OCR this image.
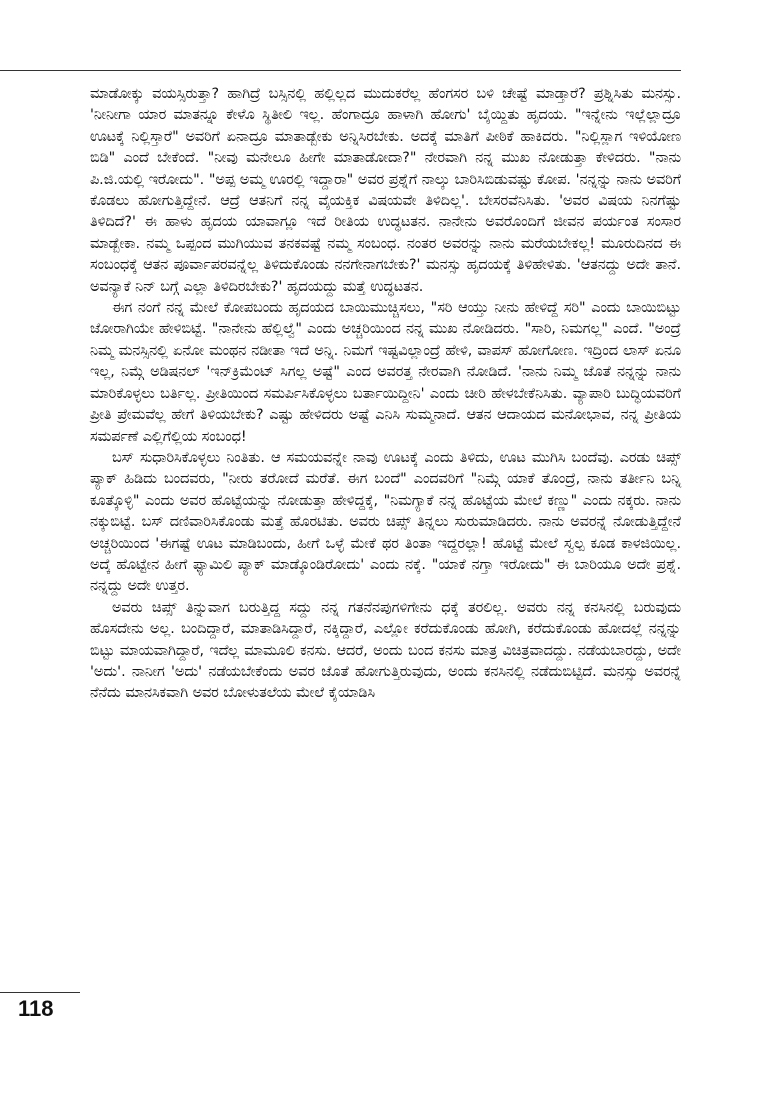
ಮಾಡೋಕ್ಕು ವಯಸ್ಸಿರುತ್ತಾ? ಹಾಗಿದ್ರೆ ಬಸ್ಸಿನಲ್ಲಿ ಹಲ್ಲಿಲ್ಲದ ಮುದುಕರೆಲ್ಲ ಹೆಂಗಸರ ಬಳಿ ಚೇಷ್ಟೆ ಮಾಡ್ತಾರೆ? ಪ್ರಶ್ನಿಸಿತು ಮನಸ್ಸು. 'ನೀನೀಗಾ ಯಾರ ಮಾತನ್ನೂ ಕೇಳೊ ಸ್ಥಿತೀಲಿ ಇಲ್ಲ. ಹೆಂಗಾದ್ರೂ ಹಾಳಾಗಿ ಹೋಗು' ಬೈಯ್ದಿತು ಹೃದಯ. "ಇನ್ನೇನು ಇಲ್ಲೆಲ್ಲಾದ್ರೂ ಊಟಕ್ಕೆ ನಿಲ್ಲಿಸ್ತಾರೆ" ಅವರಿಗೆ ಏನಾದ್ರೂ ಮಾತಾಡ್ಬೇಕು ಅನ್ನಿಸಿರಬೇಕು. ಅದಕ್ಕೆ ಮಾತಿಗೆ ಪೀಠಿಕೆ ಹಾಕಿದರು. "ನಿಲ್ಲಿಸ್ಲಾಗ ಇಳಿಯೋಣ ಬಿಡಿ" ಎಂದೆ ಬೇಕೆಂದೆ. "ನೀವು ಮನೇಲೂ ಹೀಗೇ ಮಾತಾಡೋದಾ?" ನೇರವಾಗಿ ನನ್ನ ಮುಖ ನೋಡುತ್ತಾ ಕೇಳಿದರು. "ನಾನು ಪಿ.ಜಿ.ಯಲ್ಲಿ ಇರೋದು". "ಅಪ್ಪ ಅಮ್ಮ ಊರಲ್ಲಿ ಇದ್ದಾರಾ" ಅವರ ಪ್ರಶ್ನೆಗೆ ನಾಲ್ಕು ಬಾರಿಸಿಬಿಡುವಷ್ಟು ಕೋಪ. 'ನನ್ನನ್ನು ನಾನು ಅವರಿಗೆ ಕೊಡಲು ಹೋಗುತ್ತಿದ್ದೇನೆ. ಆದ್ರೆ ಆತನಿಗೆ ನನ್ನ ವೈಯಕ್ತಿಕ ವಿಷಯವೇ ತಿಳಿದಿಲ್ಲ'. ಬೇಸರವೆನಿಸಿತು. 'ಅವರ ವಿಷಯ ನಿನಗೆಷ್ಟು ತಿಳಿದಿದೆ?' ಈ ಹಾಳು ಹೃದಯ ಯಾವಾಗ್ಲೂ ಇದೆ ರೀತಿಯ ಉದ್ಧಟತನ. ನಾನೇನು ಅವರೊಂದಿಗೆ ಜೀವನ ಪರ್ಯಂತ ಸಂಸಾರ ಮಾಡ್ಬೇಕಾ. ನಮ್ಮ ಒಪ್ಪಂದ ಮುಗಿಯುವ ತನಕವಷ್ಟೆ ನಮ್ಮ ಸಂಬಂಧ. ನಂತರ ಅವರನ್ನು ನಾನು ಮರೆಯಬೇಕಲ್ಲ! ಮೂರುದಿನದ ಈ ಸಂಬಂಧಕ್ಕೆ ಆತನ ಪೂರ್ವಾಪರವನ್ನೆಲ್ಲ ತಿಳಿದುಕೊಂಡು ನನಗೇನಾಗಬೇಕು?' ಮನಸ್ಸು ಹೃದಯಕ್ಕೆ ತಿಳಿಹೇಳಿತು. 'ಆತನದ್ದು ಅದೇ ತಾನೆ. ಅವನ್ಯಾಕೆ ನಿನ್ ಬಗ್ಗೆ ಎಲ್ಲಾ ತಿಳಿದಿರಬೇಕು?' ಹೃದಯದ್ದು ಮತ್ತೆ ಉದ್ಧಟತನ.

ಈಗ ನಂಗೆ ನನ್ನ ಮೇಲೆ ಕೋಪಬಂದು ಹೃದಯದ ಬಾಯಿಮುಚ್ಚಿಸಲು, "ಸರಿ ಆಯ್ತು ನೀನು ಹೇಳಿದ್ದೆ ಸರಿ" ಎಂದು ಬಾಯಿಬಿಟ್ಟು ಜೋರಾಗಿಯೇ ಹೇಳಿಬಿಟ್ಟೆ. "ನಾನೇನು ಹೆಲ್ಲಿಲ್ವೆ" ಎಂದು ಅಚ್ಚರಿಯಿಂದ ನನ್ನ ಮುಖ ನೋಡಿದರು. "ಸಾರಿ, ನಿಮಗಲ್ಲ" ಎಂದೆ. "ಅಂದ್ರೆ ನಿಮ್ಮ ಮನಸ್ಸಿನಲ್ಲಿ ಏನೋ ಮಂಥನ ನಡೀತಾ ಇದೆ ಅನ್ನಿ. ನಿಮಗೆ ಇಷ್ಟವಿಲ್ಲಾಂದ್ರೆ ಹೇಳಿ, ವಾಪಸ್ ಹೋಗೋಣ. ಇದ್ರಿಂದ ಲಾಸ್ ಏನೂ ಇಲ್ಲ, ನಿಮ್ಗೆ ಅಡಿಷನಲ್ 'ಇನ್‌ಕ್ರಿಮೆಂಟ್ ಸಿಗಲ್ಲ ಅಷ್ಟೆ" ಎಂದ ಅವರತ್ತ ನೇರವಾಗಿ ನೋಡಿದೆ. 'ನಾನು ನಿಮ್ಮ ಜೊತೆ ನನ್ನನ್ನು ನಾನು ಮಾರಿಕೊಳ್ಳಲು ಬರ್ತಿಲ್ಲ. ಪ್ರೀತಿಯಿಂದ ಸಮರ್ಪಿಸಿಕೊಳ್ಳಲು ಬರ್ತಾಯಿದ್ದೀನಿ' ಎಂದು ಚೀರಿ ಹೇಳಬೇಕೆನಿಸಿತು. ವ್ಯಾಪಾರಿ ಬುದ್ಧಿಯವರಿಗೆ ಪ್ರೀತಿ ಪ್ರೇಮವೆಲ್ಲ ಹೇಗೆ ತಿಳಿಯಬೇಕು? ಎಷ್ಟು ಹೇಳಿದರು ಅಷ್ಟೆ ಎನಿಸಿ ಸುಮ್ಮನಾದೆ. ಆತನ ಆದಾಯದ ಮನೋಭಾವ, ನನ್ನ ಪ್ರೀತಿಯ ಸಮರ್ಪಣೆ ಎಲ್ಲಿಗೆಲ್ಲಿಯ ಸಂಬಂಧ!

ಬಸ್ ಸುಧಾರಿಸಿಕೊಳ್ಳಲು ನಿಂತಿತು. ಆ ಸಮಯವನ್ನೇ ನಾವು ಊಟಕ್ಕೆ ಎಂದು ತಿಳಿದು, ಊಟ ಮುಗಿಸಿ ಬಂದೆವು. ಎರಡು ಚಿಪ್ಸ್ ಪ್ಯಾಕ್ ಹಿಡಿದು ಬಂದವರು, "ನೀರು ತರೋದೆ ಮರೆತೆ. ಈಗ ಬಂದೆ" ಎಂದವರಿಗೆ "ನಿಮ್ಗೆ ಯಾಕೆ ತೊಂದ್ರೆ, ನಾನು ತರ್ತೀನಿ ಬನ್ನಿ ಕೂತ್ಕೊಳ್ಳಿ" ಎಂದು ಅವರ ಹೊಟ್ಟೆಯನ್ನು ನೋಡುತ್ತಾ ಹೇಳಿದ್ದಕ್ಕೆ, "ನಿಮಗ್ಯಾಕೆ ನನ್ನ ಹೊಟ್ಟೆಯ ಮೇಲೆ ಕಣ್ಣು" ಎಂದು ನಕ್ಕರು. ನಾನು ನಕ್ಕುಬಿಟ್ಟೆ. ಬಸ್ ದಣಿವಾರಿಸಿಕೊಂಡು ಮತ್ತೆ ಹೊರಟಿತು. ಅವರು ಚಿಪ್ಸ್ ತಿನ್ನಲು ಸುರುಮಾಡಿದರು. ನಾನು ಅವರನ್ನೆ ನೋಡುತ್ತಿದ್ದೇನೆ ಅಚ್ಚರಿಯಿಂದ 'ಈಗಷ್ಟೆ ಊಟ ಮಾಡಿಬಂದು, ಹೀಗೆ ಒಳ್ಳೆ ಮೇಕೆ ಥರ ತಿಂತಾ ಇದ್ದರಲ್ಲಾ! ಹೊಟ್ಟೆ ಮೇಲೆ ಸ್ವಲ್ಪ ಕೂಡ ಕಾಳಜಿಯಿಲ್ಲ. ಅದ್ಕೆ ಹೊಟ್ಟೇನ ಹೀಗೆ ಫ್ಯಾಮಿಲಿ ಪ್ಯಾಕ್ ಮಾಡ್ಕೊಂಡಿರೋದು' ಎಂದು ನಕ್ಕೆ. "ಯಾಕೆ ನಗ್ತಾ ಇರೋದು" ಈ ಬಾರಿಯೂ ಅದೇ ಪ್ರಶ್ನೆ. ನನ್ನದ್ದು ಅದೇ ಉತ್ತರ.

ಅವರು ಚಿಪ್ಸ್ ತಿನ್ನುವಾಗ ಬರುತ್ತಿದ್ದ ಸದ್ದು ನನ್ನ ಗತನೆನಪುಗಳಿಗೇನು ಧಕ್ಕೆ ತರಲಿಲ್ಲ. ಅವರು ನನ್ನ ಕನಸಿನಲ್ಲಿ ಬರುವುದು ಹೊಸದೇನು ಅಲ್ಲ. ಬಂದಿದ್ದಾರೆ, ಮಾತಾಡಿಸಿದ್ದಾರೆ, ನಕ್ಕಿದ್ದಾರೆ, ಎಲ್ಲೋ ಕರೆದುಕೊಂಡು ಹೋಗಿ, ಕರೆದುಕೊಂಡು ಹೋದಲ್ಲೆ ನನ್ನನ್ನು ಬಿಟ್ಟು ಮಾಯವಾಗಿದ್ದಾರೆ, ಇದೆಲ್ಲ ಮಾಮೂಲಿ ಕನಸು. ಆದರೆ, ಅಂದು ಬಂದ ಕನಸು ಮಾತ್ರ ವಿಚಿತ್ರವಾದದ್ದು. ನಡೆಯಬಾರದ್ದು, ಅದೇ 'ಅದು'. ನಾನೀಗ 'ಅದು' ನಡೆಯಬೇಕೆಂದು ಅವರ ಜೊತೆ ಹೋಗುತ್ತಿರುವುದು, ಅಂದು ಕನಸಿನಲ್ಲಿ ನಡೆದುಬಿಟ್ಟಿದೆ. ಮನಸ್ಸು ಅವರನ್ನೆ ನೆನೆದು ಮಾನಸಿಕವಾಗಿ ಅವರ ಬೋಳುತಲೆಯ ಮೇಲೆ ಕೈಯಾಡಿಸಿ

118
